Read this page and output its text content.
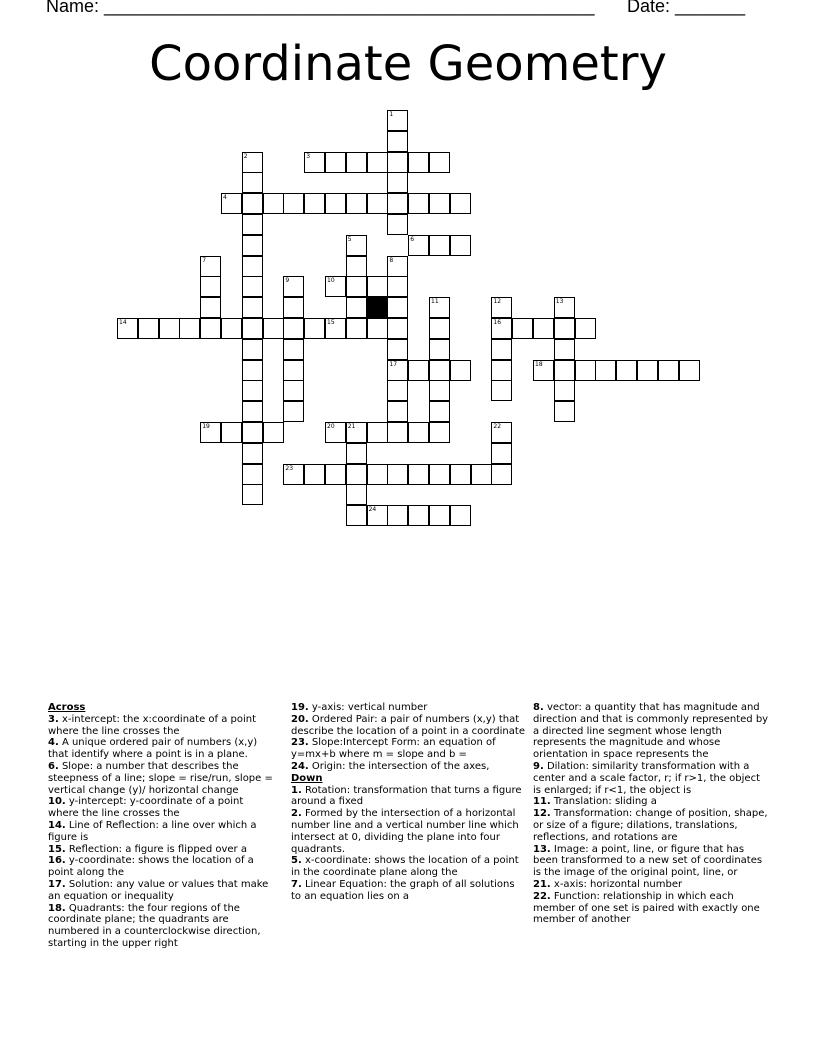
Name: _________________________________________________ Date: _______
Coordinate Geometry
3
4
6
10
14	15	16
17	18
19	20 21
23
24
1
2
5
7	8
9
11	12	13
22

Across

3. x-intercept: the x:coordinate of a point where the line crosses the

4. A unique ordered pair of numbers (x,y) that identify where a point is in a plane.

6. Slope: a number that describes the steepness of a line; slope = rise/run, slope = vertical change (y)/ horizontal change

10. y-intercept: y-coordinate of a point where the line crosses the

14. Line of Reflection: a line over which a figure is

15. Reflection: a figure is flipped over a

16. y-coordinate: shows the location of a point along the

17. Solution: any value or values that make an equation or inequality

18. Quadrants: the four regions of the coordinate plane; the quadrants are numbered in a counterclockwise direction, starting in the upper right

19. y-axis: vertical number

20. Ordered Pair: a pair of numbers (x,y) that describe the location of a point in a coordinate

23. Slope:Intercept Form: an equation of y=mx+b where m = slope and b =

24. Origin: the intersection of the axes,

Down

1. Rotation: transformation that turns a figure around a fixed

2. Formed by the intersection of a horizontal number line and a vertical number line which intersect at 0, dividing the plane into four quadrants.

5. x-coordinate: shows the location of a point in the coordinate plane along the

7. Linear Equation: the graph of all solutions to an equation lies on a

8. vector: a quantity that has magnitude and direction and that is commonly represented by a directed line segment whose length represents the magnitude and whose orientation in space represents the

9. Dilation: similarity transformation with a center and a scale factor, r; if r>1, the object is enlarged; if r<1, the object is

11. Translation: sliding a

12. Transformation: change of position, shape, or size of a figure; dilations, translations, reflections, and rotations are

13. Image: a point, line, or figure that has been transformed to a new set of coordinates is the image of the original point, line, or

21. x-axis: horizontal number

22. Function: relationship in which each member of one set is paired with exactly one member of another
